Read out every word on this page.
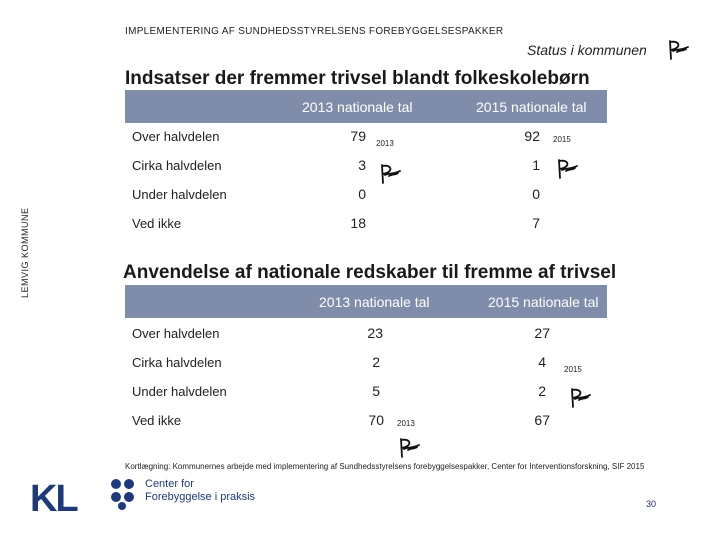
IMPLEMENTERING AF SUNDHEDSSTYRELSENS FOREBYGGELSESPAKKER
Status i kommunen
LEMVIG KOMMUNE
Indsatser der fremmer trivsel blandt folkeskolebørn
2013 nationale tal	2015 nationale tal
Over halvdelen	79	92
Cirka halvdelen	3	1
Under halvdelen	0	0
Ved ikke	18	7
2013	2015
Anvendelse af nationale redskaber til fremme af trivsel
2013 nationale tal	2015 nationale tal
Over halvdelen	23	27
Cirka halvdelen	2	4
Under halvdelen	5	2
Ved ikke	70	67
2013
2015
Kortlægning: Kommunernes arbejde med implementering af Sundhedsstyrelsens forebyggelsespakker, Center for Interventionsforskning, SIF 2015
KL	Center for
Forebyggelse i praksis
30
